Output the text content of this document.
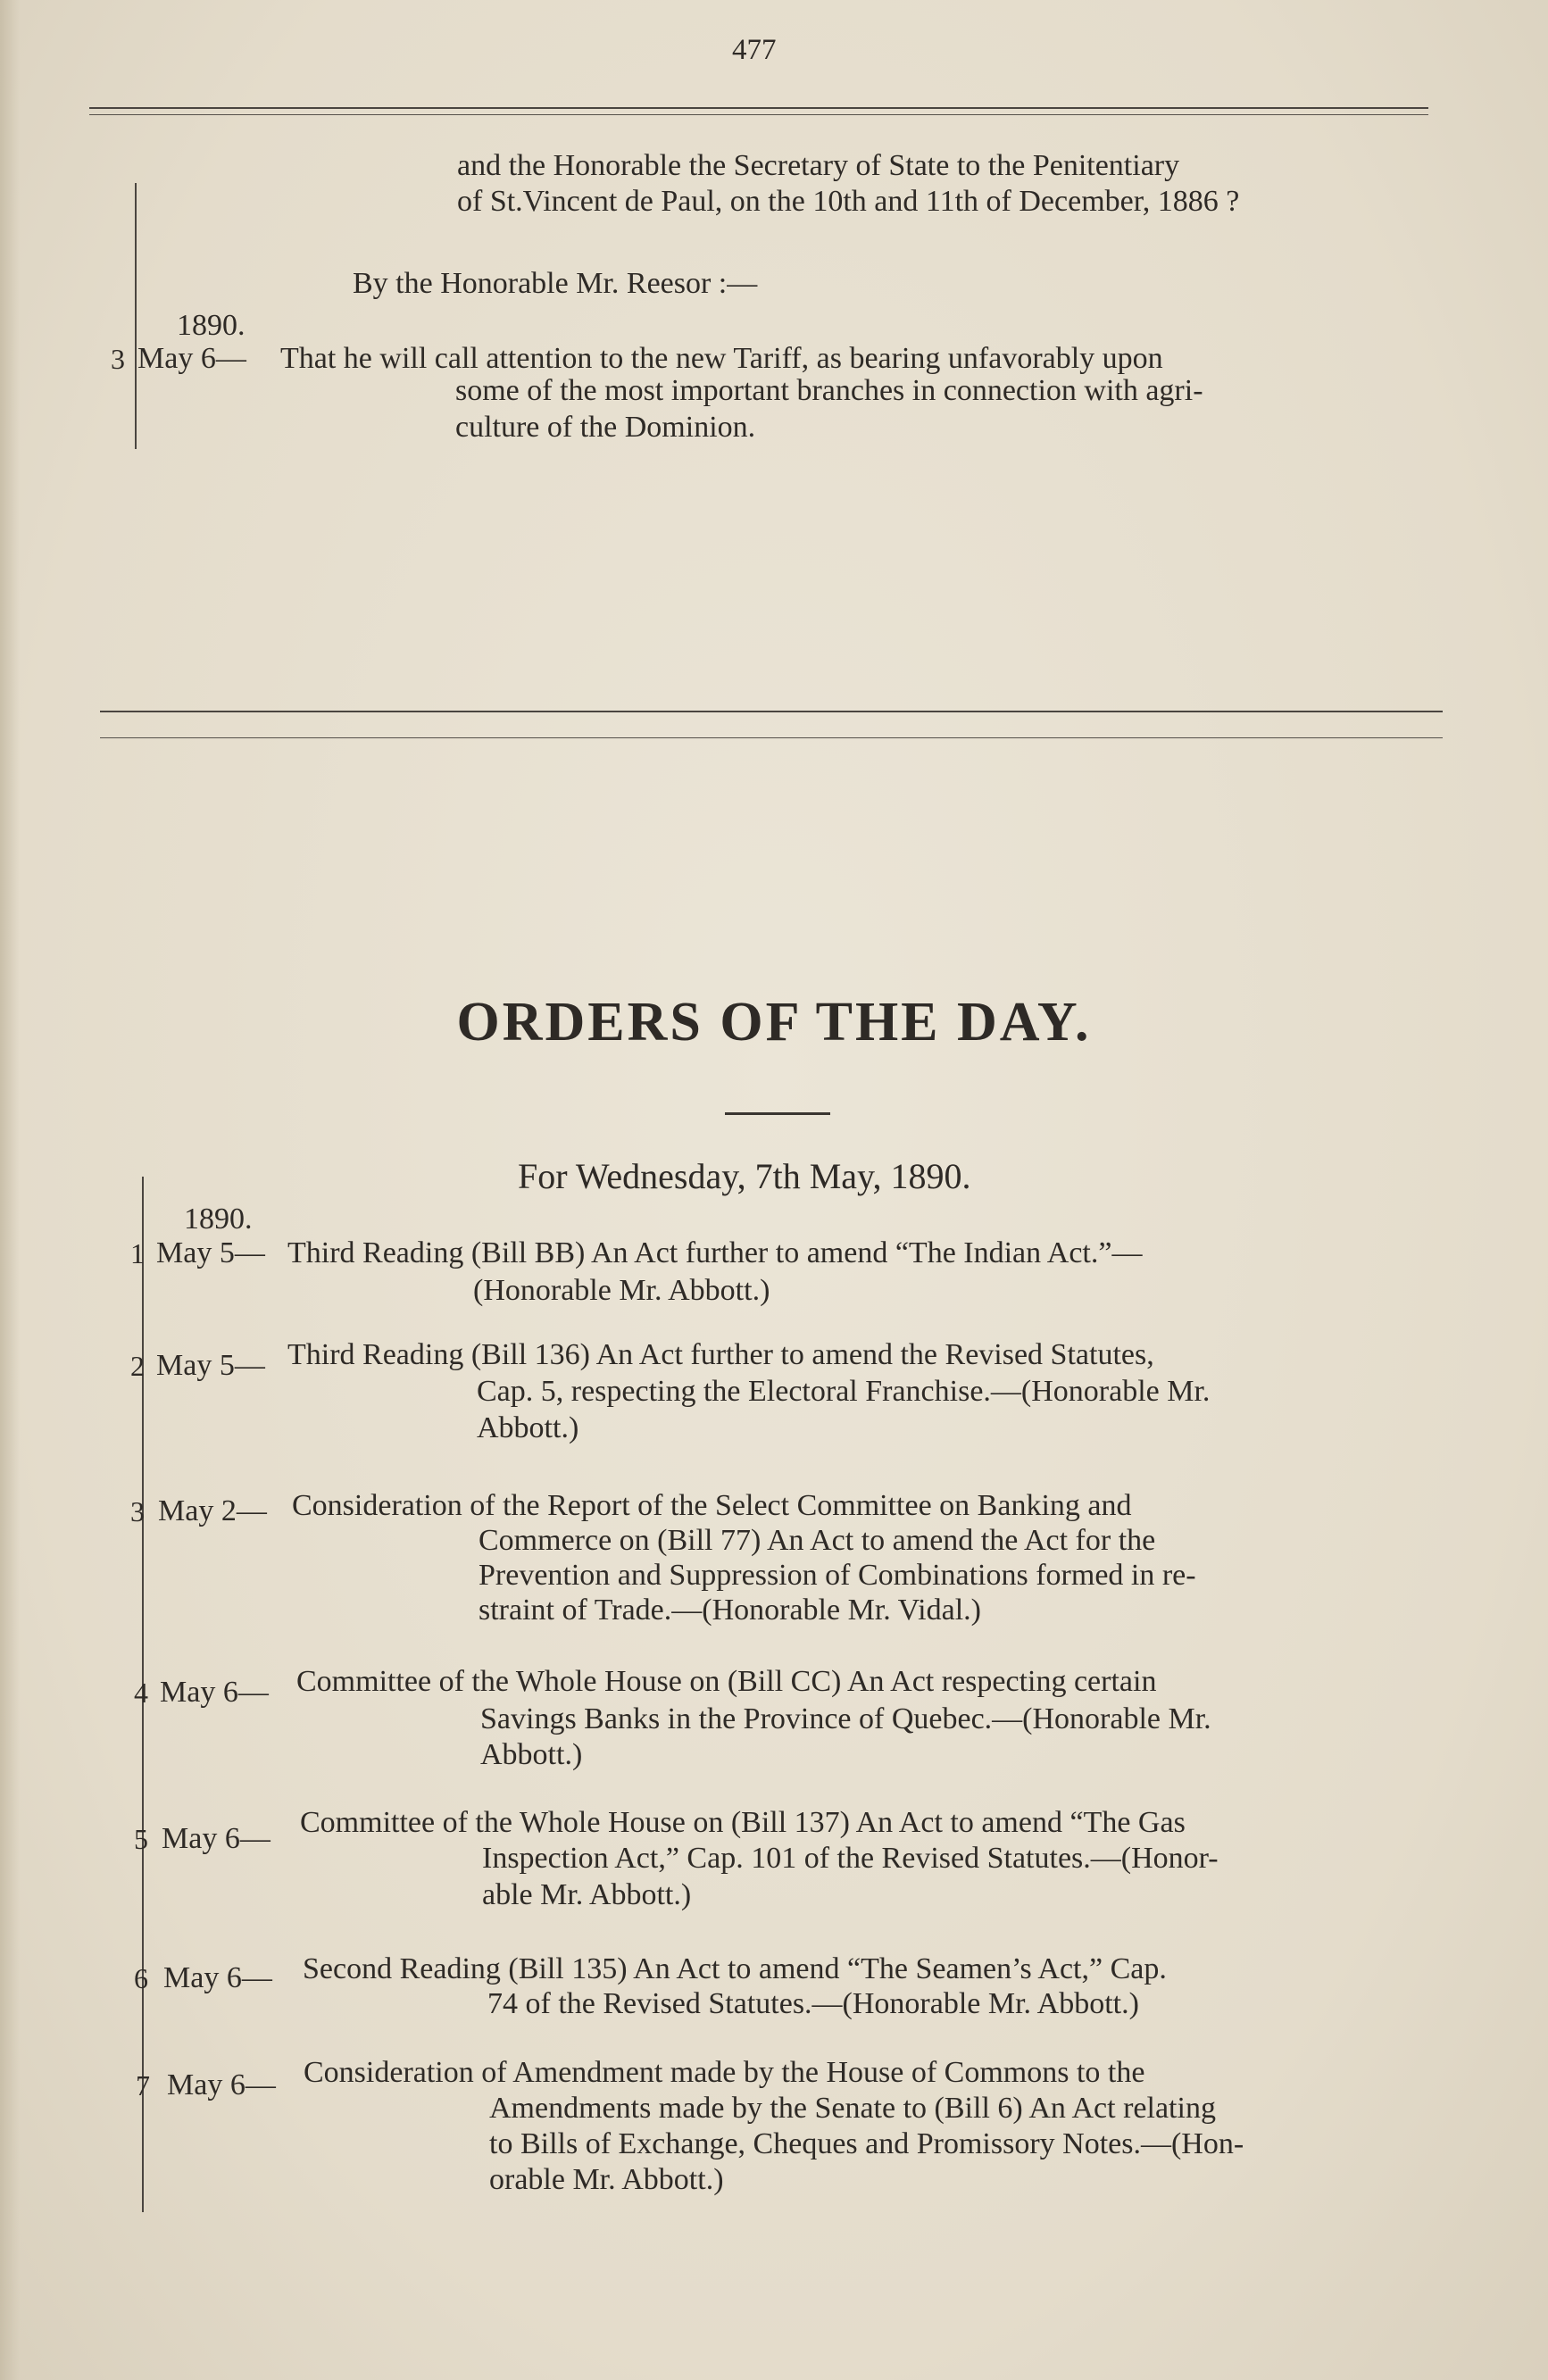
477
and the Honorable the Secretary of State to the Penitentiary
of St.Vincent de Paul, on the 10th and 11th of December, 1886 ?
By the Honorable Mr. Reesor :—
1890.
3 May 6— That he will call attention to the new Tariff, as bearing unfavorably upon
some of the most important branches in connection with agri-
culture of the Dominion.
ORDERS OF THE DAY.
For Wednesday, 7th May, 1890.
1890.
1 May 5— Third Reading (Bill BB) An Act further to amend “The Indian Act.”—
(Honorable Mr. Abbott.)
2 May 5— Third Reading (Bill 136) An Act further to amend the Revised Statutes,
Cap. 5, respecting the Electoral Franchise.—(Honorable Mr.
Abbott.)
3 May 2— Consideration of the Report of the Select Committee on Banking and
Commerce on (Bill 77) An Act to amend the Act for the
Prevention and Suppression of Combinations formed in re-
straint of Trade.—(Honorable Mr. Vidal.)
4 May 6— Committee of the Whole House on (Bill CC) An Act respecting certain
Savings Banks in the Province of Quebec.—(Honorable Mr.
Abbott.)
5 May 6— Committee of the Whole House on (Bill 137) An Act to amend “The Gas
Inspection Act,” Cap. 101 of the Revised Statutes.—(Honor-
able Mr. Abbott.)
6 May 6— Second Reading (Bill 135) An Act to amend “The Seamen’s Act,” Cap.
74 of the Revised Statutes.—(Honorable Mr. Abbott.)
7 May 6— Consideration of Amendment made by the House of Commons to the
Amendments made by the Senate to (Bill 6) An Act relating
to Bills of Exchange, Cheques and Promissory Notes.—(Hon-
orable Mr. Abbott.)
